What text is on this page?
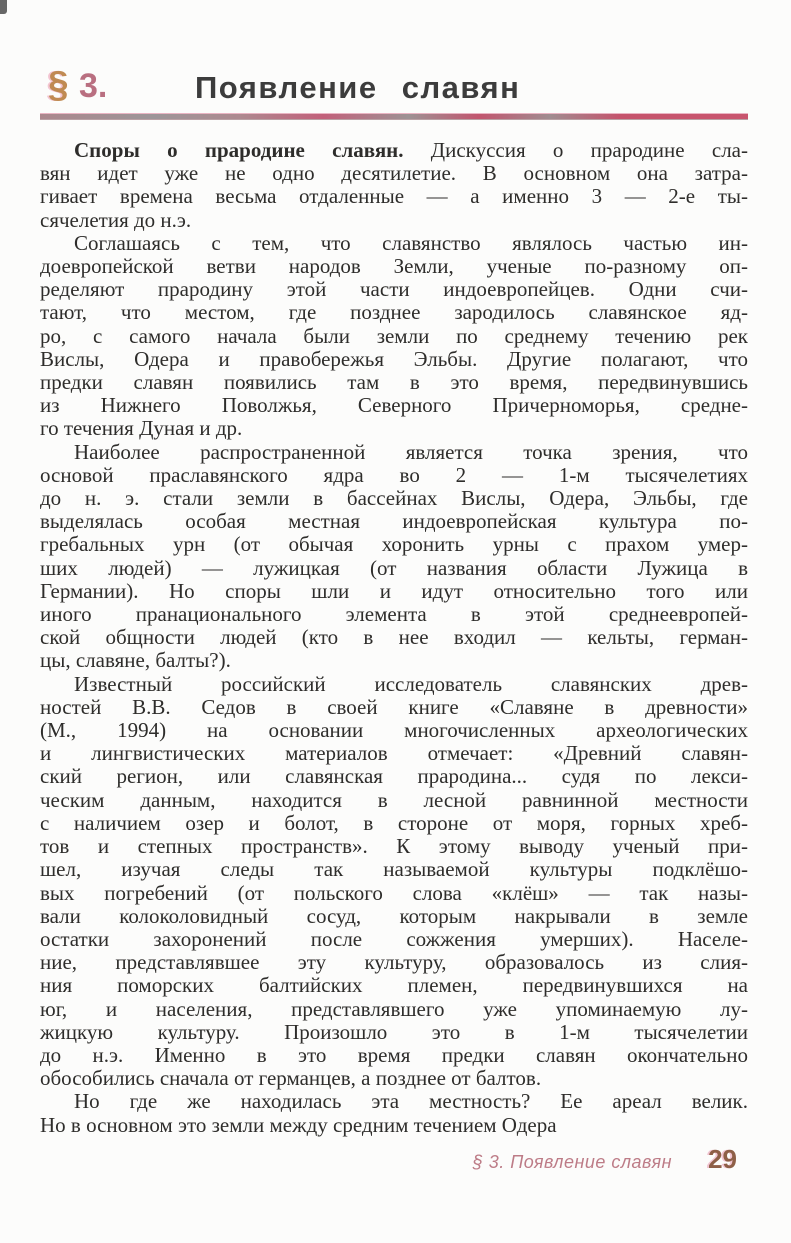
§ 3.	Появление славян
Споры о прародине славян. Дискуссия о прародине сла-
вян идет уже не одно десятилетие. В основном она затра-
гивает времена весьма отдаленные — а именно 3 — 2-е ты-
сячелетия до н.э.
Соглашаясь с тем, что славянство являлось частью ин-
доевропейской ветви народов Земли, ученые по-разному оп-
ределяют прародину этой части индоевропейцев. Одни счи-
тают, что местом, где позднее зародилось славянское яд-
ро, с самого начала были земли по среднему течению рек
Вислы, Одера и правобережья Эльбы. Другие полагают, что
предки славян появились там в это время, передвинувшись
из Нижнего Поволжья, Северного Причерноморья, средне-
го течения Дуная и др.
Наиболее распространенной является точка зрения, что
основой праславянского ядра во 2 — 1-м тысячелетиях
до н. э. стали земли в бассейнах Вислы, Одера, Эльбы, где
выделялась особая местная индоевропейская культура по-
гребальных урн (от обычая хоронить урны с прахом умер-
ших людей) — лужицкая (от названия области Лужица в
Германии). Но споры шли и идут относительно того или
иного пранационального элемента в этой среднеевропей-
ской общности людей (кто в нее входил — кельты, герман-
цы, славяне, балты?).
Известный российский исследователь славянских древ-
ностей В.В. Седов в своей книге «Славяне в древности»
(М., 1994) на основании многочисленных археологических
и лингвистических материалов отмечает: «Древний славян-
ский регион, или славянская прародина... судя по лекси-
ческим данным, находится в лесной равнинной местности
с наличием озер и болот, в стороне от моря, горных хреб-
тов и степных пространств». К этому выводу ученый при-
шел, изучая следы так называемой культуры подклёшо-
вых погребений (от польского слова «клёш» — так назы-
вали колоколовидный сосуд, которым накрывали в земле
остатки захоронений после сожжения умерших). Населе-
ние, представлявшее эту культуру, образовалось из слия-
ния поморских балтийских племен, передвинувшихся на
юг, и населения, представлявшего уже упоминаемую лу-
жицкую культуру. Произошло это в 1-м тысячелетии
до н.э. Именно в это время предки славян окончательно
обособились сначала от германцев, а позднее от балтов.
Но где же находилась эта местность? Ее ареал велик.
Но в основном это земли между средним течением Одера
§ 3. Появление славян 29
